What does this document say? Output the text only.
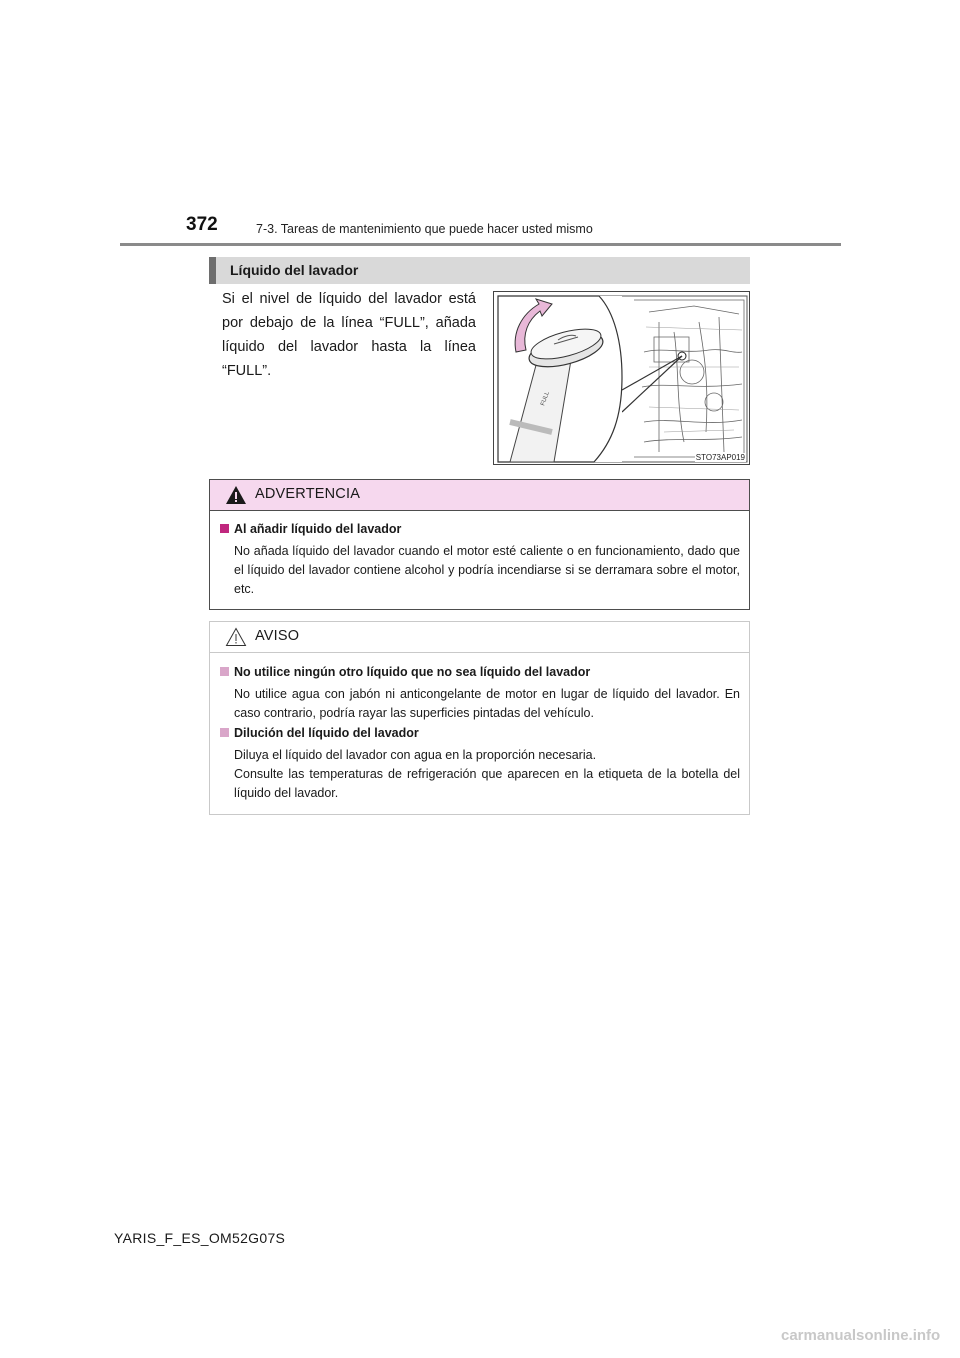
372	7-3. Tareas de mantenimiento que puede hacer usted mismo
Líquido del lavador
Si el nivel de líquido del lavador está por debajo de la línea “FULL”, añada líquido del lavador hasta la línea “FULL”.
FULL
STO73AP019
ADVERTENCIA
Al añadir líquido del lavador
No añada líquido del lavador cuando el motor esté caliente o en funcionamiento, dado que el líquido del lavador contiene alcohol y podría incendiarse si se derramara sobre el motor, etc.
AVISO
No utilice ningún otro líquido que no sea líquido del lavador
No utilice agua con jabón ni anticongelante de motor en lugar de líquido del lavador. En caso contrario, podría rayar las superficies pintadas del vehículo.
Dilución del líquido del lavador
Diluya el líquido del lavador con agua en la proporción necesaria.
Consulte las temperaturas de refrigeración que aparecen en la etiqueta de la botella del líquido del lavador.
YARIS_F_ES_OM52G07S
carmanualsonline.info
